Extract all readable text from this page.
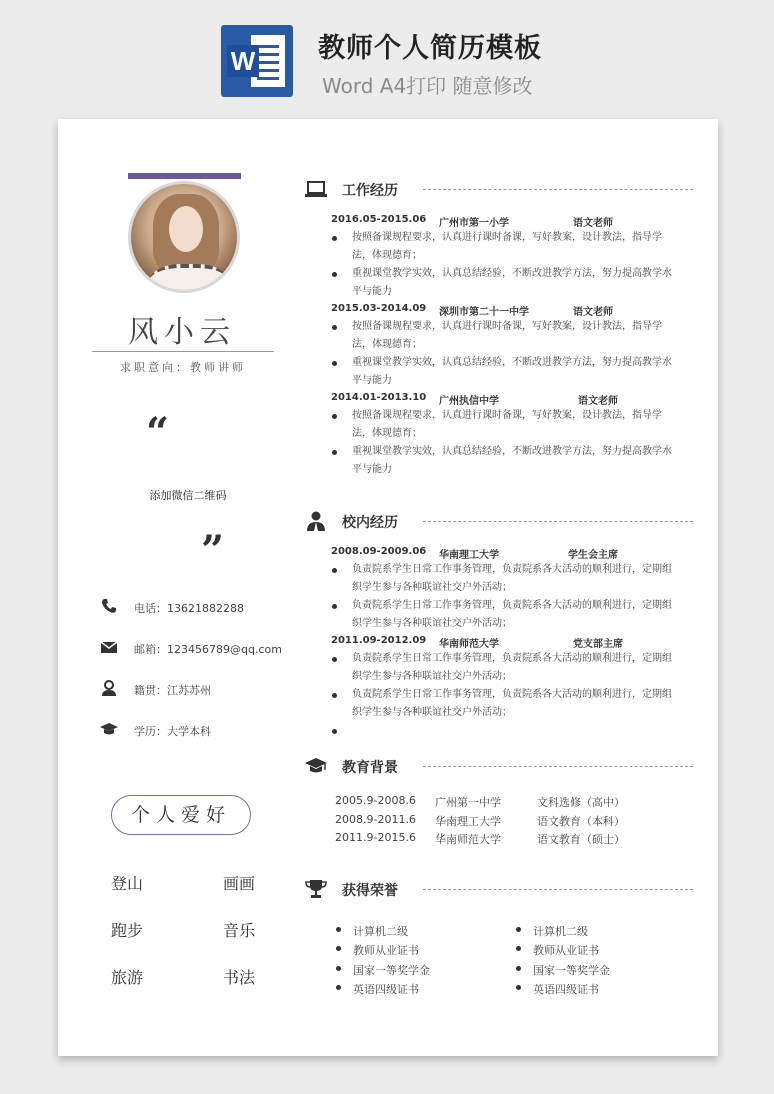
W 教师个人简历模板
Word A4打印 随意修改
风小云
求职意向：教师讲师
“
添加微信二维码
”
电话：13621882288
邮箱：123456789@qq.com
籍贯：江苏苏州
学历：大学本科
个人爱好
登山	画画
跑步	音乐
旅游	书法
工作经历
2016.05-2015.06 广州市第一小学	语文老师
按照备课规程要求，认真进行课时备课，写好教案，设计教法，指导学法，体现德育；
重视课堂教学实效，认真总结经验，不断改进教学方法，努力提高教学水平与能力
2015.03-2014.09 深圳市第二十一中学	语文老师
按照备课规程要求，认真进行课时备课，写好教案，设计教法，指导学法，体现德育；
重视课堂教学实效，认真总结经验，不断改进教学方法，努力提高教学水平与能力
2014.01-2013.10 广州执信中学	语文老师
按照备课规程要求，认真进行课时备课，写好教案，设计教法，指导学法，体现德育；
重视课堂教学实效，认真总结经验，不断改进教学方法，努力提高教学水平与能力
校内经历
2008.09-2009.06 华南理工大学	学生会主席
负责院系学生日常工作事务管理，负责院系各大活动的顺利进行，定期组织学生参与各种联谊社交户外活动；
负责院系学生日常工作事务管理，负责院系各大活动的顺利进行，定期组织学生参与各种联谊社交户外活动；
2011.09-2012.09 华南师范大学	党支部主席
负责院系学生日常工作事务管理，负责院系各大活动的顺利进行，定期组织学生参与各种联谊社交户外活动；
负责院系学生日常工作事务管理，负责院系各大活动的顺利进行，定期组织学生参与各种联谊社交户外活动；
教育背景
2005.9-2008.6 广州第一中学	文科选修（高中）
2008.9-2011.6 华南理工大学	语文教育（本科）
2011.9-2015.6 华南师范大学	语文教育（硕士）
获得荣誉
计算机二级
教师从业证书
国家一等奖学金
英语四级证书
计算机二级
教师从业证书
国家一等奖学金
英语四级证书
